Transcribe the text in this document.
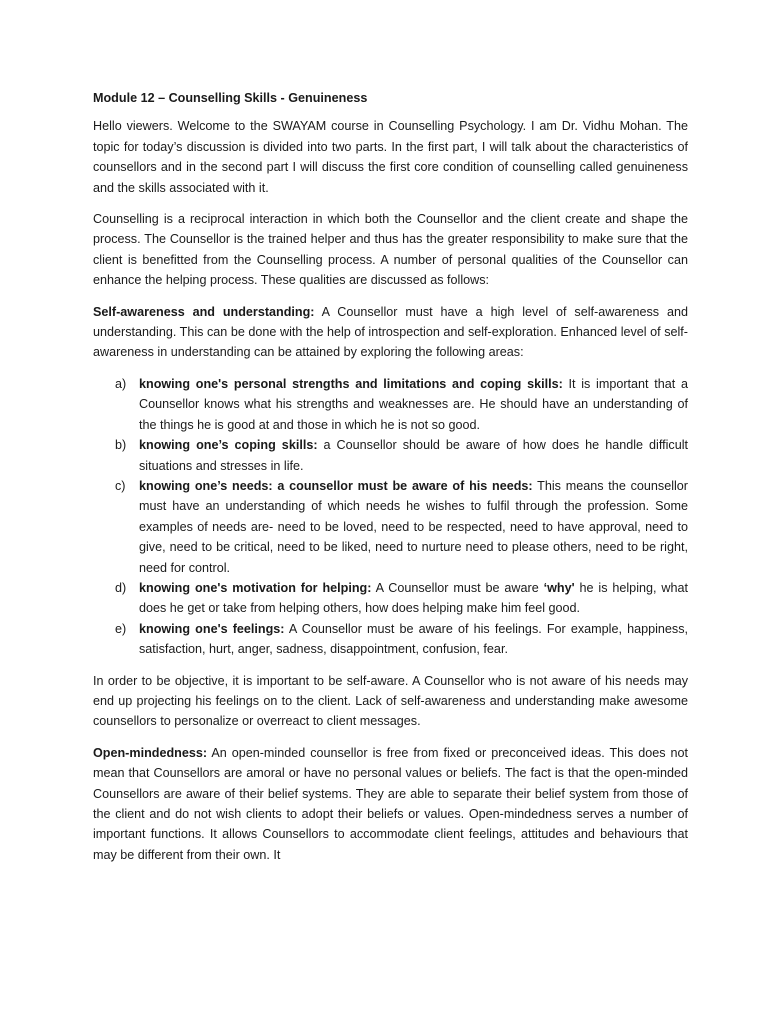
Module 12 – Counselling Skills - Genuineness

Hello viewers. Welcome to the SWAYAM course in Counselling Psychology. I am Dr. Vidhu Mohan. The topic for today’s discussion is divided into two parts. In the first part, I will talk about the characteristics of counsellors and in the second part I will discuss the first core condition of counselling called genuineness and the skills associated with it.

Counselling is a reciprocal interaction in which both the Counsellor and the client create and shape the process. The Counsellor is the trained helper and thus has the greater responsibility to make sure that the client is benefitted from the Counselling process. A number of personal qualities of the Counsellor can enhance the helping process. These qualities are discussed as follows:

Self-awareness and understanding: A Counsellor must have a high level of self-awareness and understanding. This can be done with the help of introspection and self-exploration. Enhanced level of self-awareness in understanding can be attained by exploring the following areas:

a) knowing one's personal strengths and limitations and coping skills: It is important that a Counsellor knows what his strengths and weaknesses are. He should have an understanding of the things he is good at and those in which he is not so good.
b) knowing one’s coping skills: a Counsellor should be aware of how does he handle difficult situations and stresses in life.
c) knowing one’s needs: a counsellor must be aware of his needs: This means the counsellor must have an understanding of which needs he wishes to fulfil through the profession. Some examples of needs are- need to be loved, need to be respected, need to have approval, need to give, need to be critical, need to be liked, need to nurture need to please others, need to be right, need for control.
d) knowing one's motivation for helping: A Counsellor must be aware ‘why' he is helping, what does he get or take from helping others, how does helping make him feel good.
e) knowing one's feelings: A Counsellor must be aware of his feelings. For example, happiness, satisfaction, hurt, anger, sadness, disappointment, confusion, fear.

In order to be objective, it is important to be self-aware. A Counsellor who is not aware of his needs may end up projecting his feelings on to the client. Lack of self-awareness and understanding make awesome counsellors to personalize or overreact to client messages.

Open-mindedness: An open-minded counsellor is free from fixed or preconceived ideas. This does not mean that Counsellors are amoral or have no personal values or beliefs. The fact is that the open-minded Counsellors are aware of their belief systems. They are able to separate their belief system from those of the client and do not wish clients to adopt their beliefs or values. Open-mindedness serves a number of important functions. It allows Counsellors to accommodate client feelings, attitudes and behaviours that may be different from their own. It
